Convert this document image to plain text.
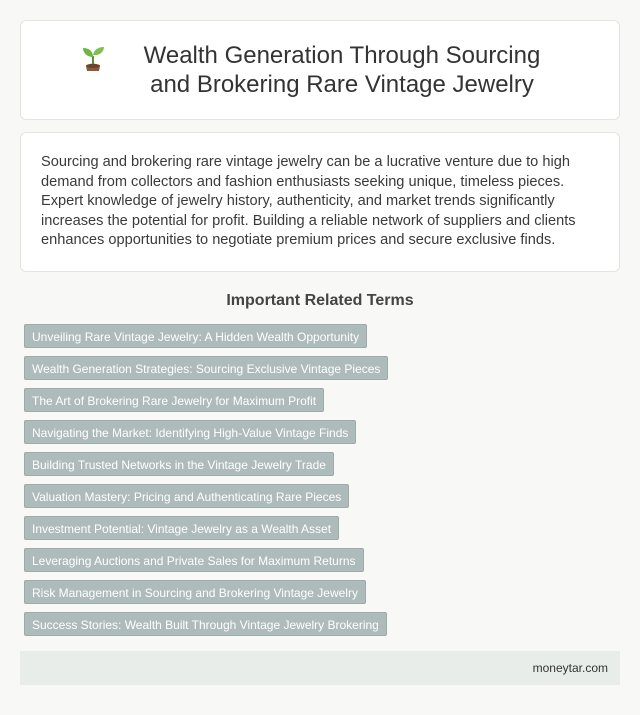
Wealth Generation Through Sourcing and Brokering Rare Vintage Jewelry

Sourcing and brokering rare vintage jewelry can be a lucrative venture due to high demand from collectors and fashion enthusiasts seeking unique, timeless pieces. Expert knowledge of jewelry history, authenticity, and market trends significantly increases the potential for profit. Building a reliable network of suppliers and clients enhances opportunities to negotiate premium prices and secure exclusive finds.

Important Related Terms
Unveiling Rare Vintage Jewelry: A Hidden Wealth Opportunity
Wealth Generation Strategies: Sourcing Exclusive Vintage Pieces
The Art of Brokering Rare Jewelry for Maximum Profit
Navigating the Market: Identifying High-Value Vintage Finds
Building Trusted Networks in the Vintage Jewelry Trade
Valuation Mastery: Pricing and Authenticating Rare Pieces
Investment Potential: Vintage Jewelry as a Wealth Asset
Leveraging Auctions and Private Sales for Maximum Returns
Risk Management in Sourcing and Brokering Vintage Jewelry
Success Stories: Wealth Built Through Vintage Jewelry Brokering
moneytar.com
